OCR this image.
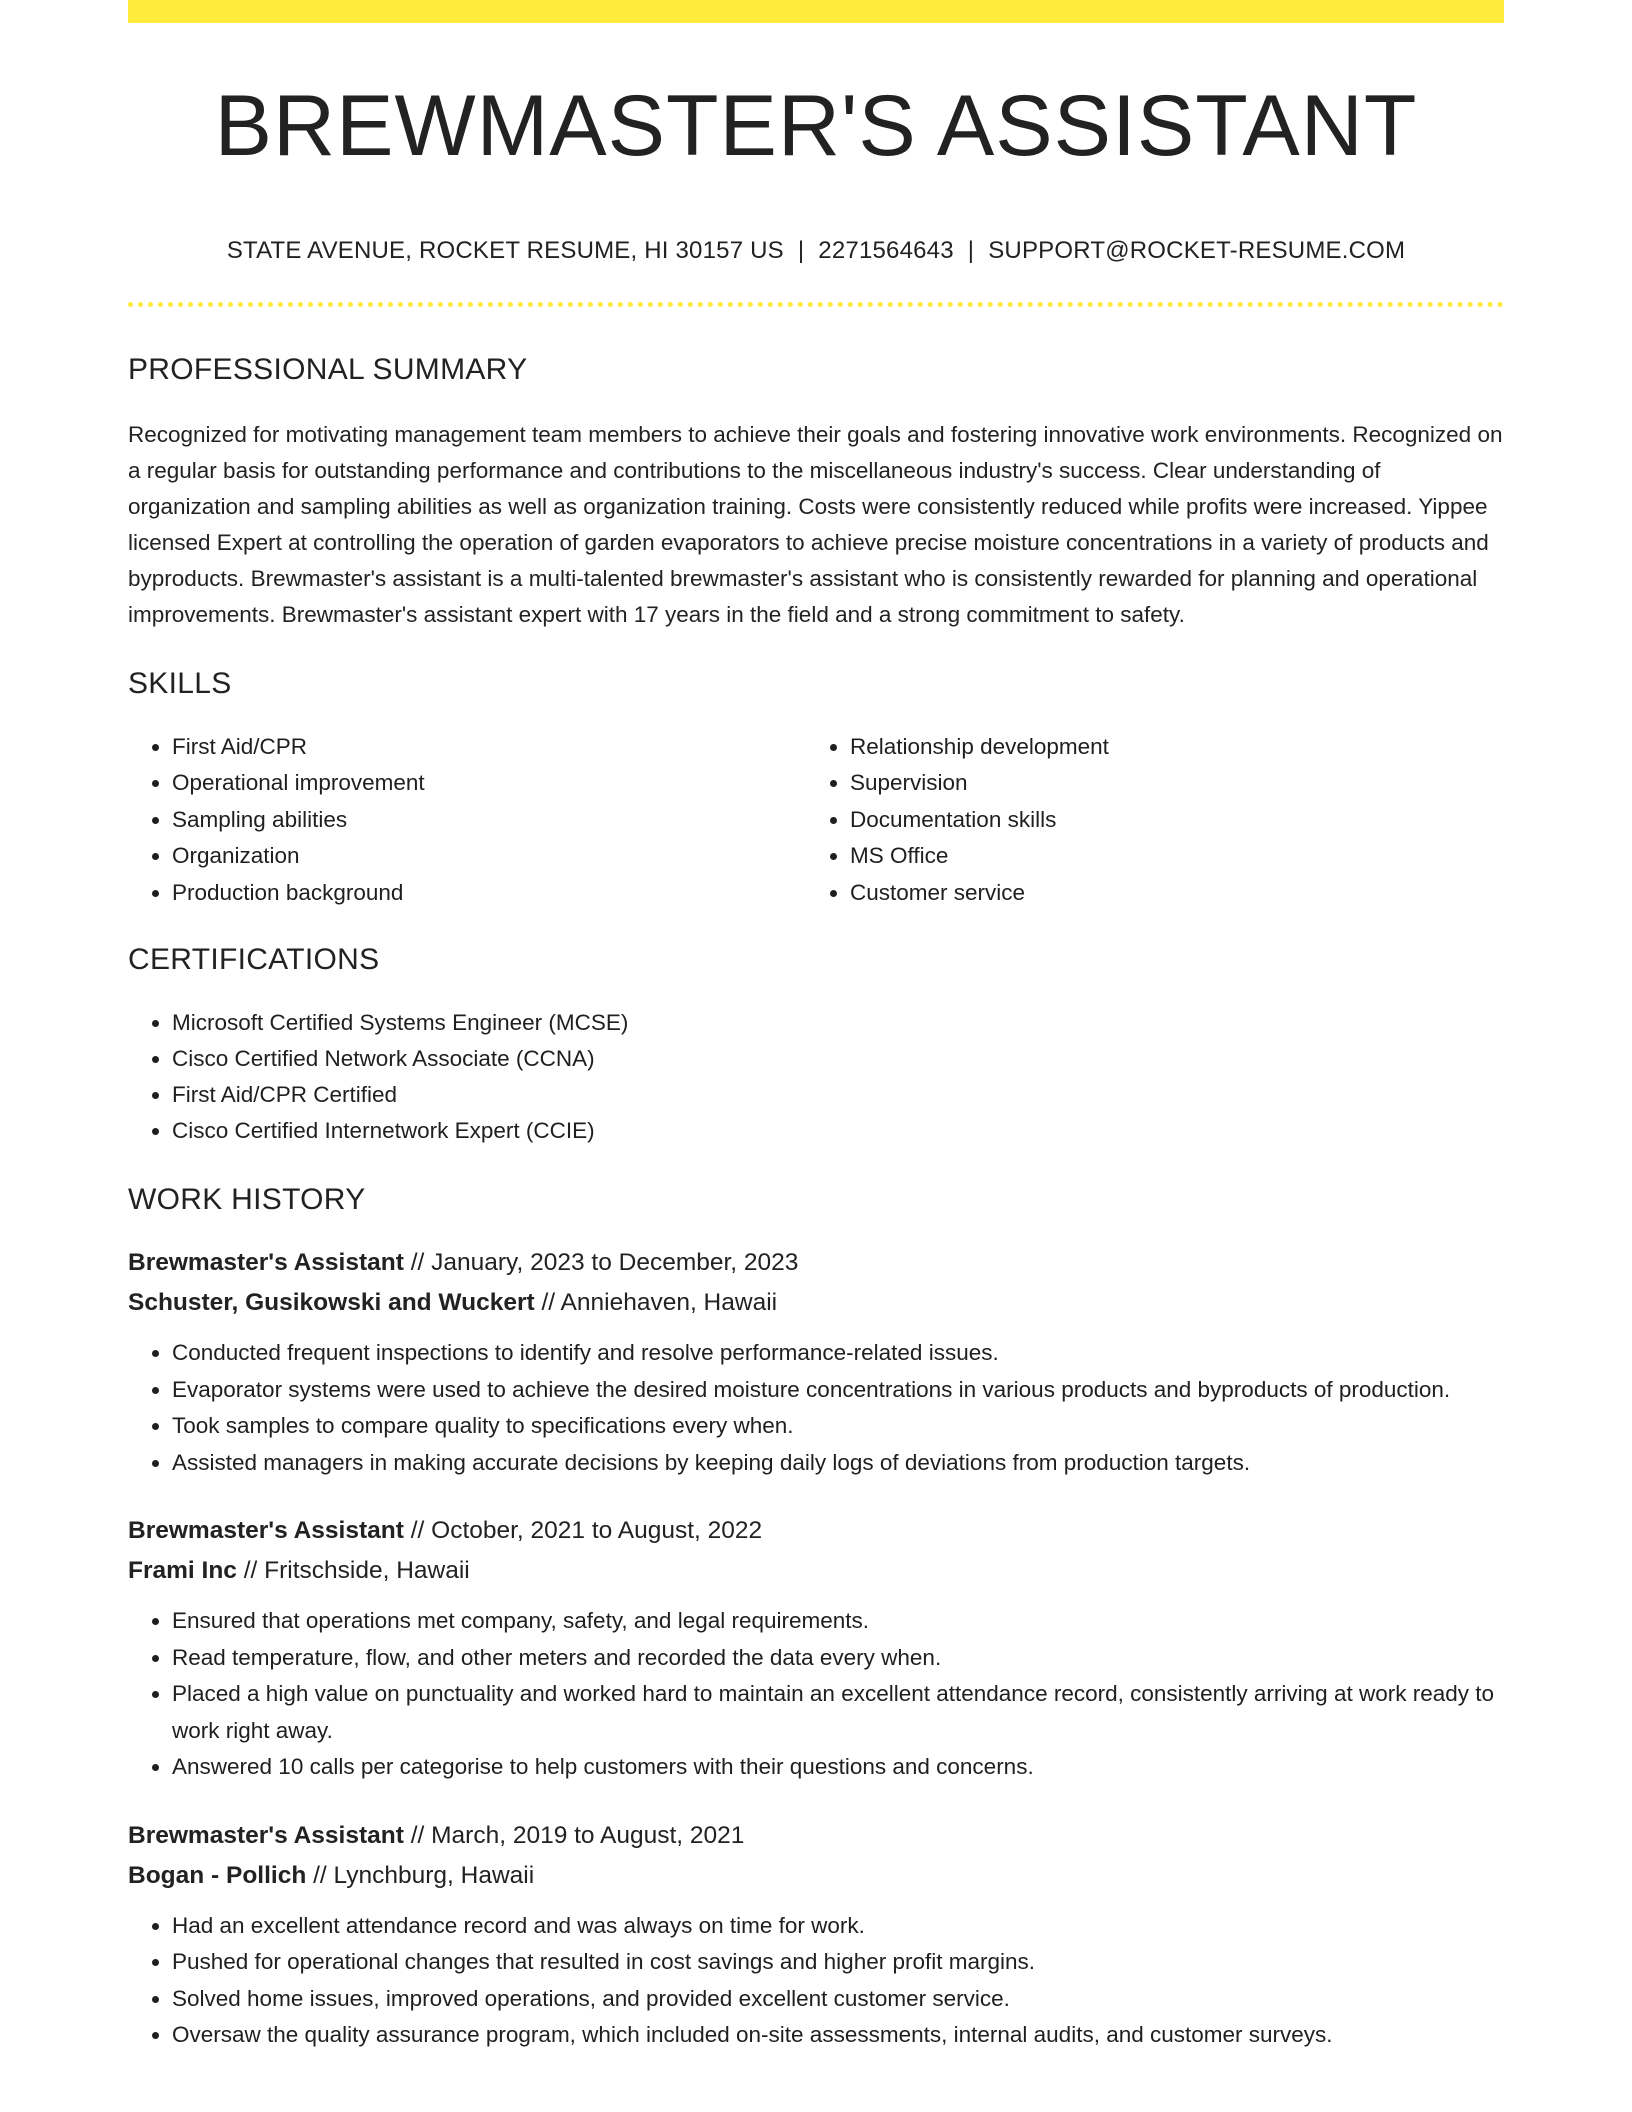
BREWMASTER'S ASSISTANT
STATE AVENUE, ROCKET RESUME, HI 30157 US | 2271564643 | SUPPORT@ROCKET-RESUME.COM
PROFESSIONAL SUMMARY

Recognized for motivating management team members to achieve their goals and fostering innovative work environments. Recognized on a regular basis for outstanding performance and contributions to the miscellaneous industry's success. Clear understanding of organization and sampling abilities as well as organization training. Costs were consistently reduced while profits were increased. Yippee licensed Expert at controlling the operation of garden evaporators to achieve precise moisture concentrations in a variety of products and byproducts. Brewmaster's assistant is a multi-talented brewmaster's assistant who is consistently rewarded for planning and operational improvements. Brewmaster's assistant expert with 17 years in the field and a strong commitment to safety.

SKILLS
• First Aid/CPR
• Operational improvement
• Sampling abilities
• Organization
• Production background
• Relationship development
• Supervision
• Documentation skills
• MS Office
• Customer service
CERTIFICATIONS
• Microsoft Certified Systems Engineer (MCSE)
• Cisco Certified Network Associate (CCNA)
• First Aid/CPR Certified
• Cisco Certified Internetwork Expert (CCIE)
WORK HISTORY
Brewmaster's Assistant // January, 2023 to December, 2023
Schuster, Gusikowski and Wuckert // Anniehaven, Hawaii
• Conducted frequent inspections to identify and resolve performance-related issues.
• Evaporator systems were used to achieve the desired moisture concentrations in various products and byproducts of production.
• Took samples to compare quality to specifications every when.
• Assisted managers in making accurate decisions by keeping daily logs of deviations from production targets.
Brewmaster's Assistant // October, 2021 to August, 2022
Frami Inc // Fritschside, Hawaii
• Ensured that operations met company, safety, and legal requirements.
• Read temperature, flow, and other meters and recorded the data every when.
• Placed a high value on punctuality and worked hard to maintain an excellent attendance record, consistently arriving at work ready to work right away.
• Answered 10 calls per categorise to help customers with their questions and concerns.
Brewmaster's Assistant // March, 2019 to August, 2021
Bogan - Pollich // Lynchburg, Hawaii
• Had an excellent attendance record and was always on time for work.
• Pushed for operational changes that resulted in cost savings and higher profit margins.
• Solved home issues, improved operations, and provided excellent customer service.
• Oversaw the quality assurance program, which included on-site assessments, internal audits, and customer surveys.
